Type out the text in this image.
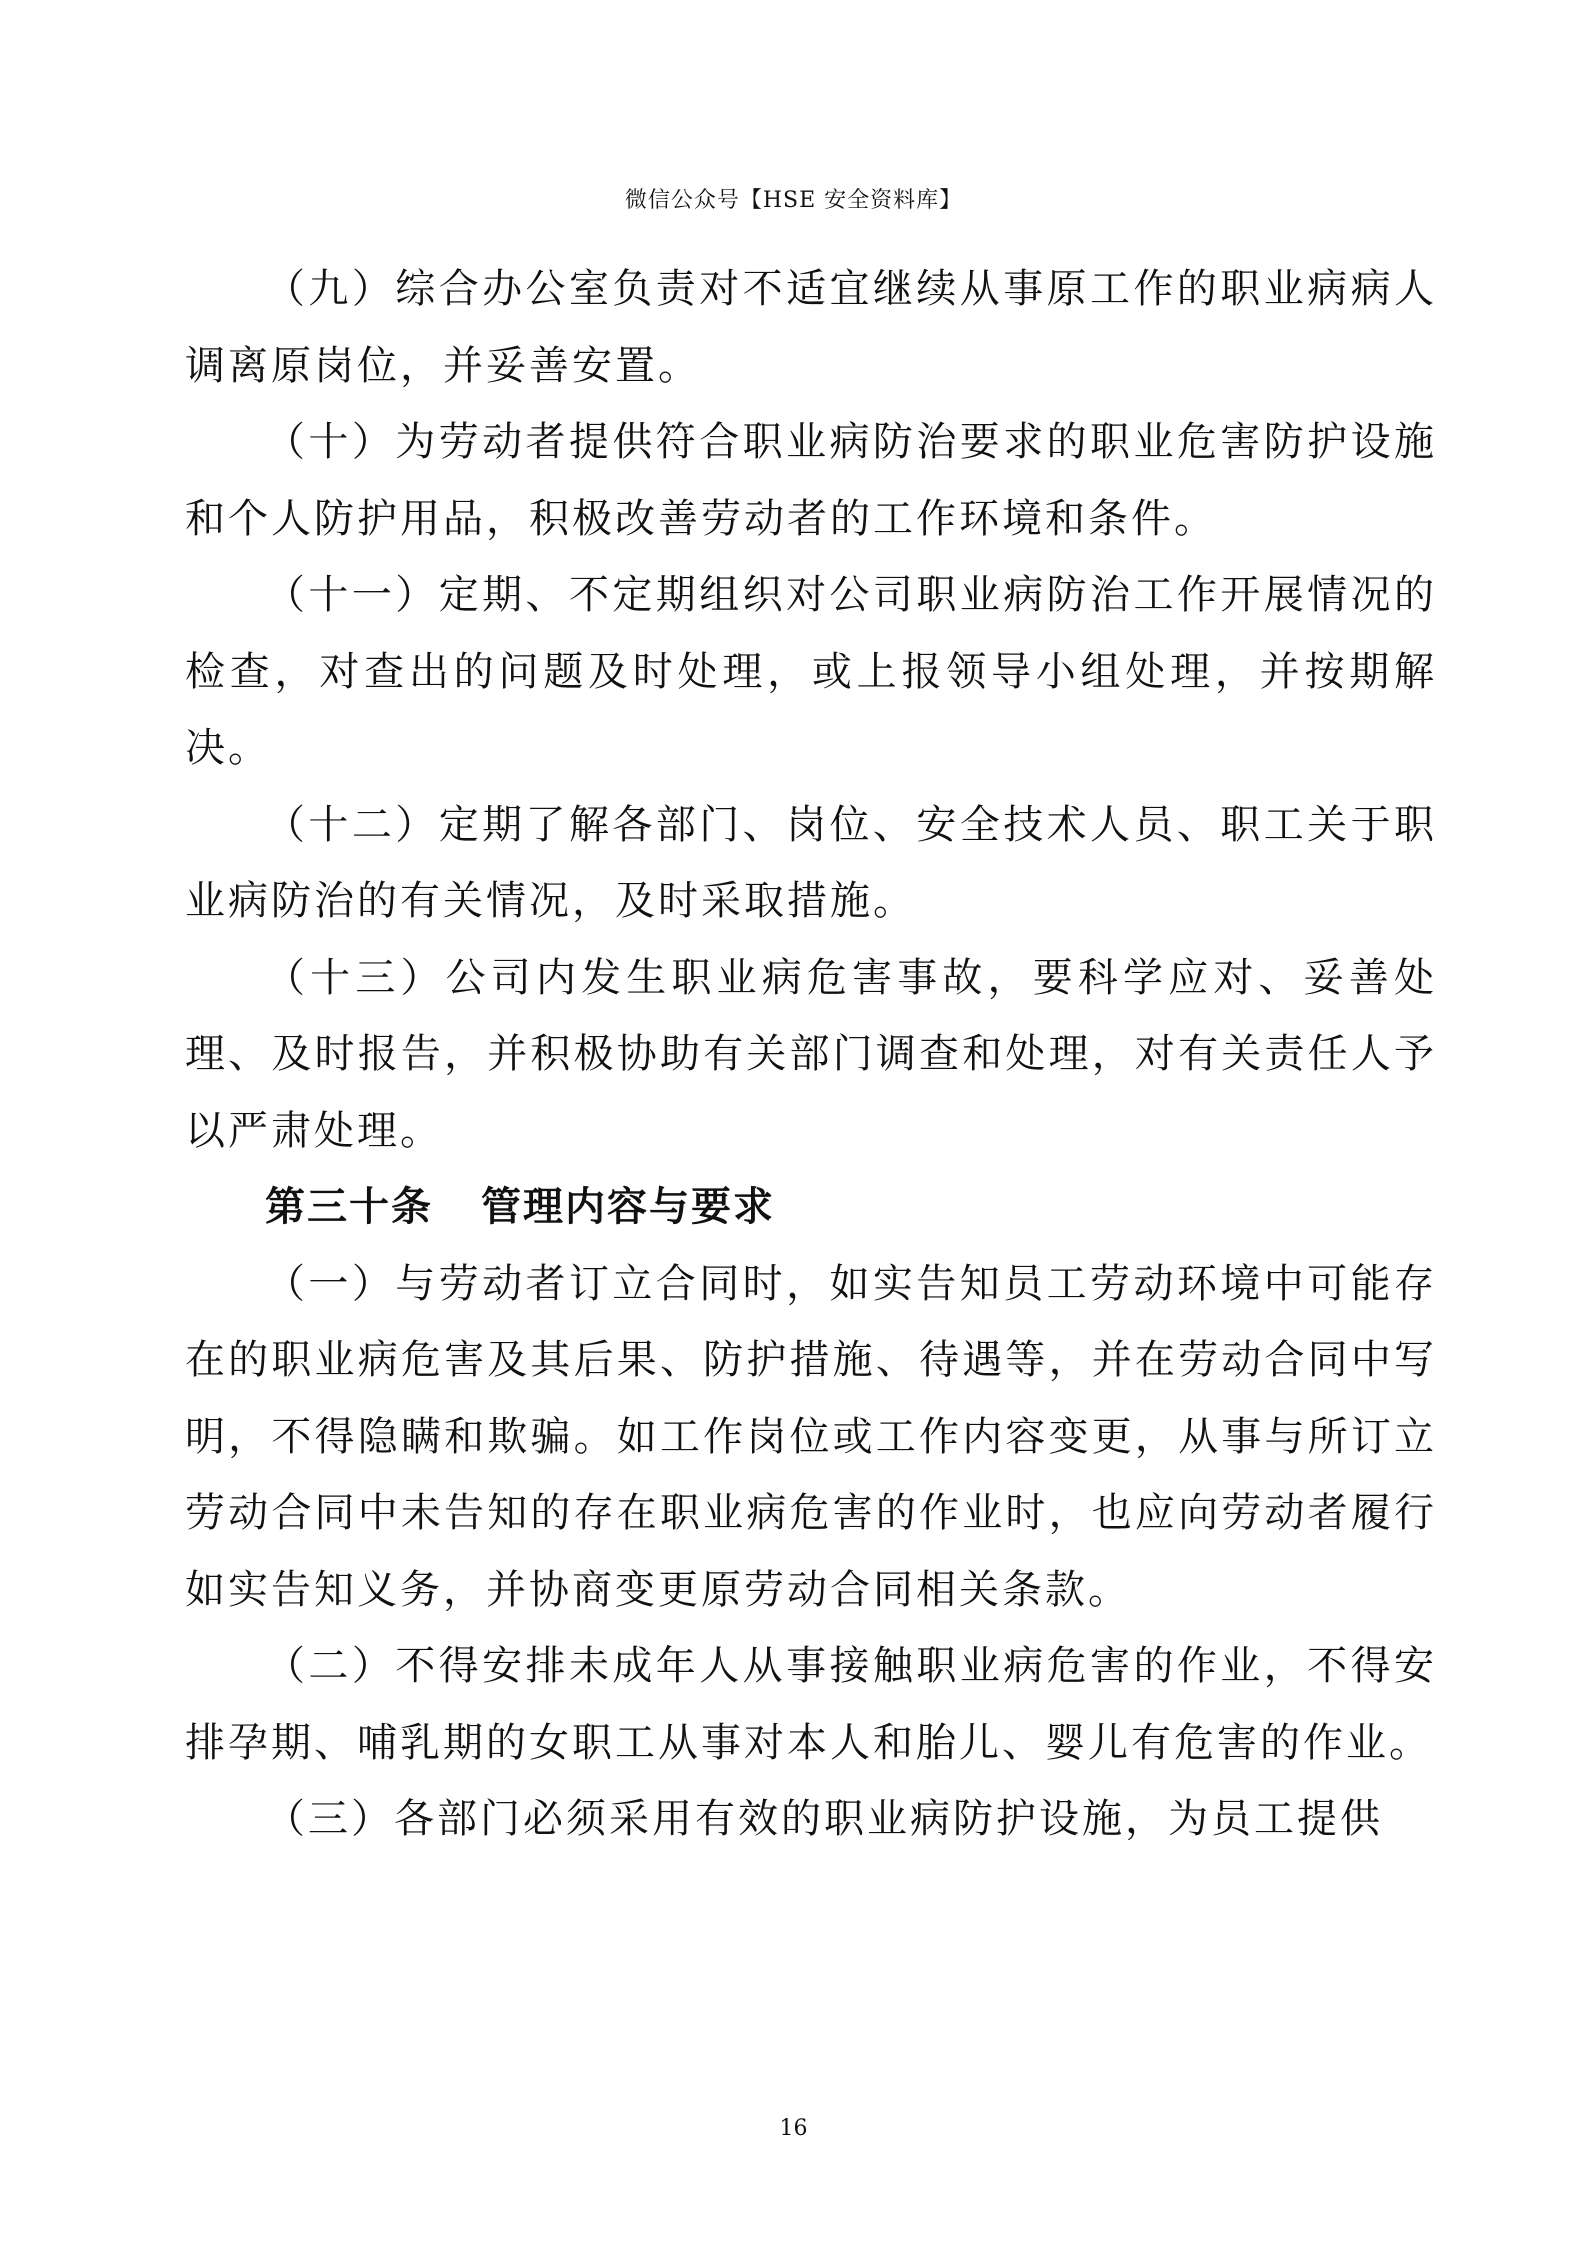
微信公众号【HSE 安全资料库】

（九）综合办公室负责对不适宜继续从事原工作的职业病病人调离原岗位，并妥善安置。

（十）为劳动者提供符合职业病防治要求的职业危害防护设施和个人防护用品，积极改善劳动者的工作环境和条件。

（十一）定期、不定期组织对公司职业病防治工作开展情况的检查，对查出的问题及时处理，或上报领导小组处理，并按期解决。

（十二）定期了解各部门、岗位、安全技术人员、职工关于职业病防治的有关情况，及时采取措施。

（十三）公司内发生职业病危害事故，要科学应对、妥善处理、及时报告，并积极协助有关部门调查和处理，对有关责任人予以严肃处理。

第三十条 管理内容与要求

（一）与劳动者订立合同时，如实告知员工劳动环境中可能存在的职业病危害及其后果、防护措施、待遇等，并在劳动合同中写明，不得隐瞒和欺骗。如工作岗位或工作内容变更，从事与所订立劳动合同中未告知的存在职业病危害的作业时，也应向劳动者履行如实告知义务，并协商变更原劳动合同相关条款。

（二）不得安排未成年人从事接触职业病危害的作业，不得安排孕期、哺乳期的女职工从事对本人和胎儿、婴儿有危害的作业。

（三）各部门必须采用有效的职业病防护设施，为员工提供

16
